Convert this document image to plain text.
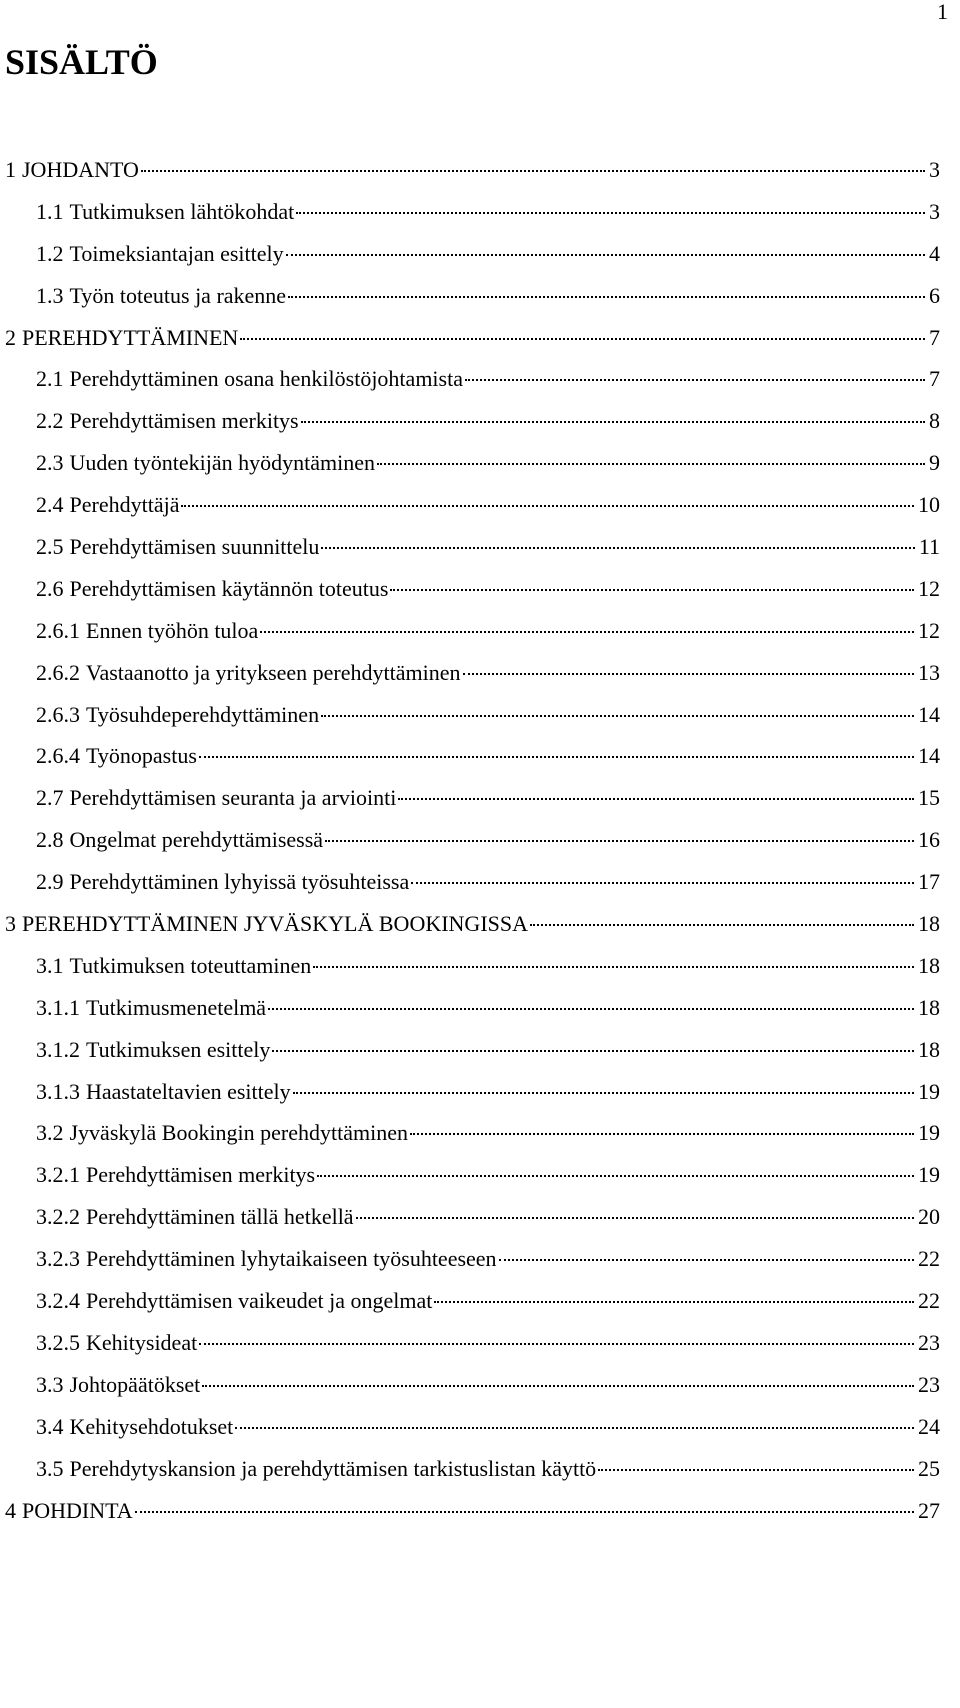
1
SISÄLTÖ
1 JOHDANTO	3
1.1 Tutkimuksen lähtökohdat	3
1.2 Toimeksiantajan esittely	4
1.3 Työn toteutus ja rakenne	6
2 PEREHDYTTÄMINEN	7
2.1 Perehdyttäminen osana henkilöstöjohtamista	7
2.2 Perehdyttämisen merkitys	8
2.3 Uuden työntekijän hyödyntäminen	9
2.4 Perehdyttäjä	10
2.5 Perehdyttämisen suunnittelu	11
2.6 Perehdyttämisen käytännön toteutus	12
2.6.1 Ennen työhön tuloa	12
2.6.2 Vastaanotto ja yritykseen perehdyttäminen	13
2.6.3 Työsuhdeperehdyttäminen	14
2.6.4 Työnopastus	14
2.7 Perehdyttämisen seuranta ja arviointi	15
2.8 Ongelmat perehdyttämisessä	16
2.9 Perehdyttäminen lyhyissä työsuhteissa	17
3 PEREHDYTTÄMINEN JYVÄSKYLÄ BOOKINGISSA	18
3.1 Tutkimuksen toteuttaminen	18
3.1.1 Tutkimusmenetelmä	18
3.1.2 Tutkimuksen esittely	18
3.1.3 Haastateltavien esittely	19
3.2 Jyväskylä Bookingin perehdyttäminen	19
3.2.1 Perehdyttämisen merkitys	19
3.2.2 Perehdyttäminen tällä hetkellä	20
3.2.3 Perehdyttäminen lyhytaikaiseen työsuhteeseen	22
3.2.4 Perehdyttämisen vaikeudet ja ongelmat	22
3.2.5 Kehitysideat	23
3.3 Johtopäätökset	23
3.4 Kehitysehdotukset	24
3.5 Perehdytyskansion ja perehdyttämisen tarkistuslistan käyttö	25
4 POHDINTA	27
